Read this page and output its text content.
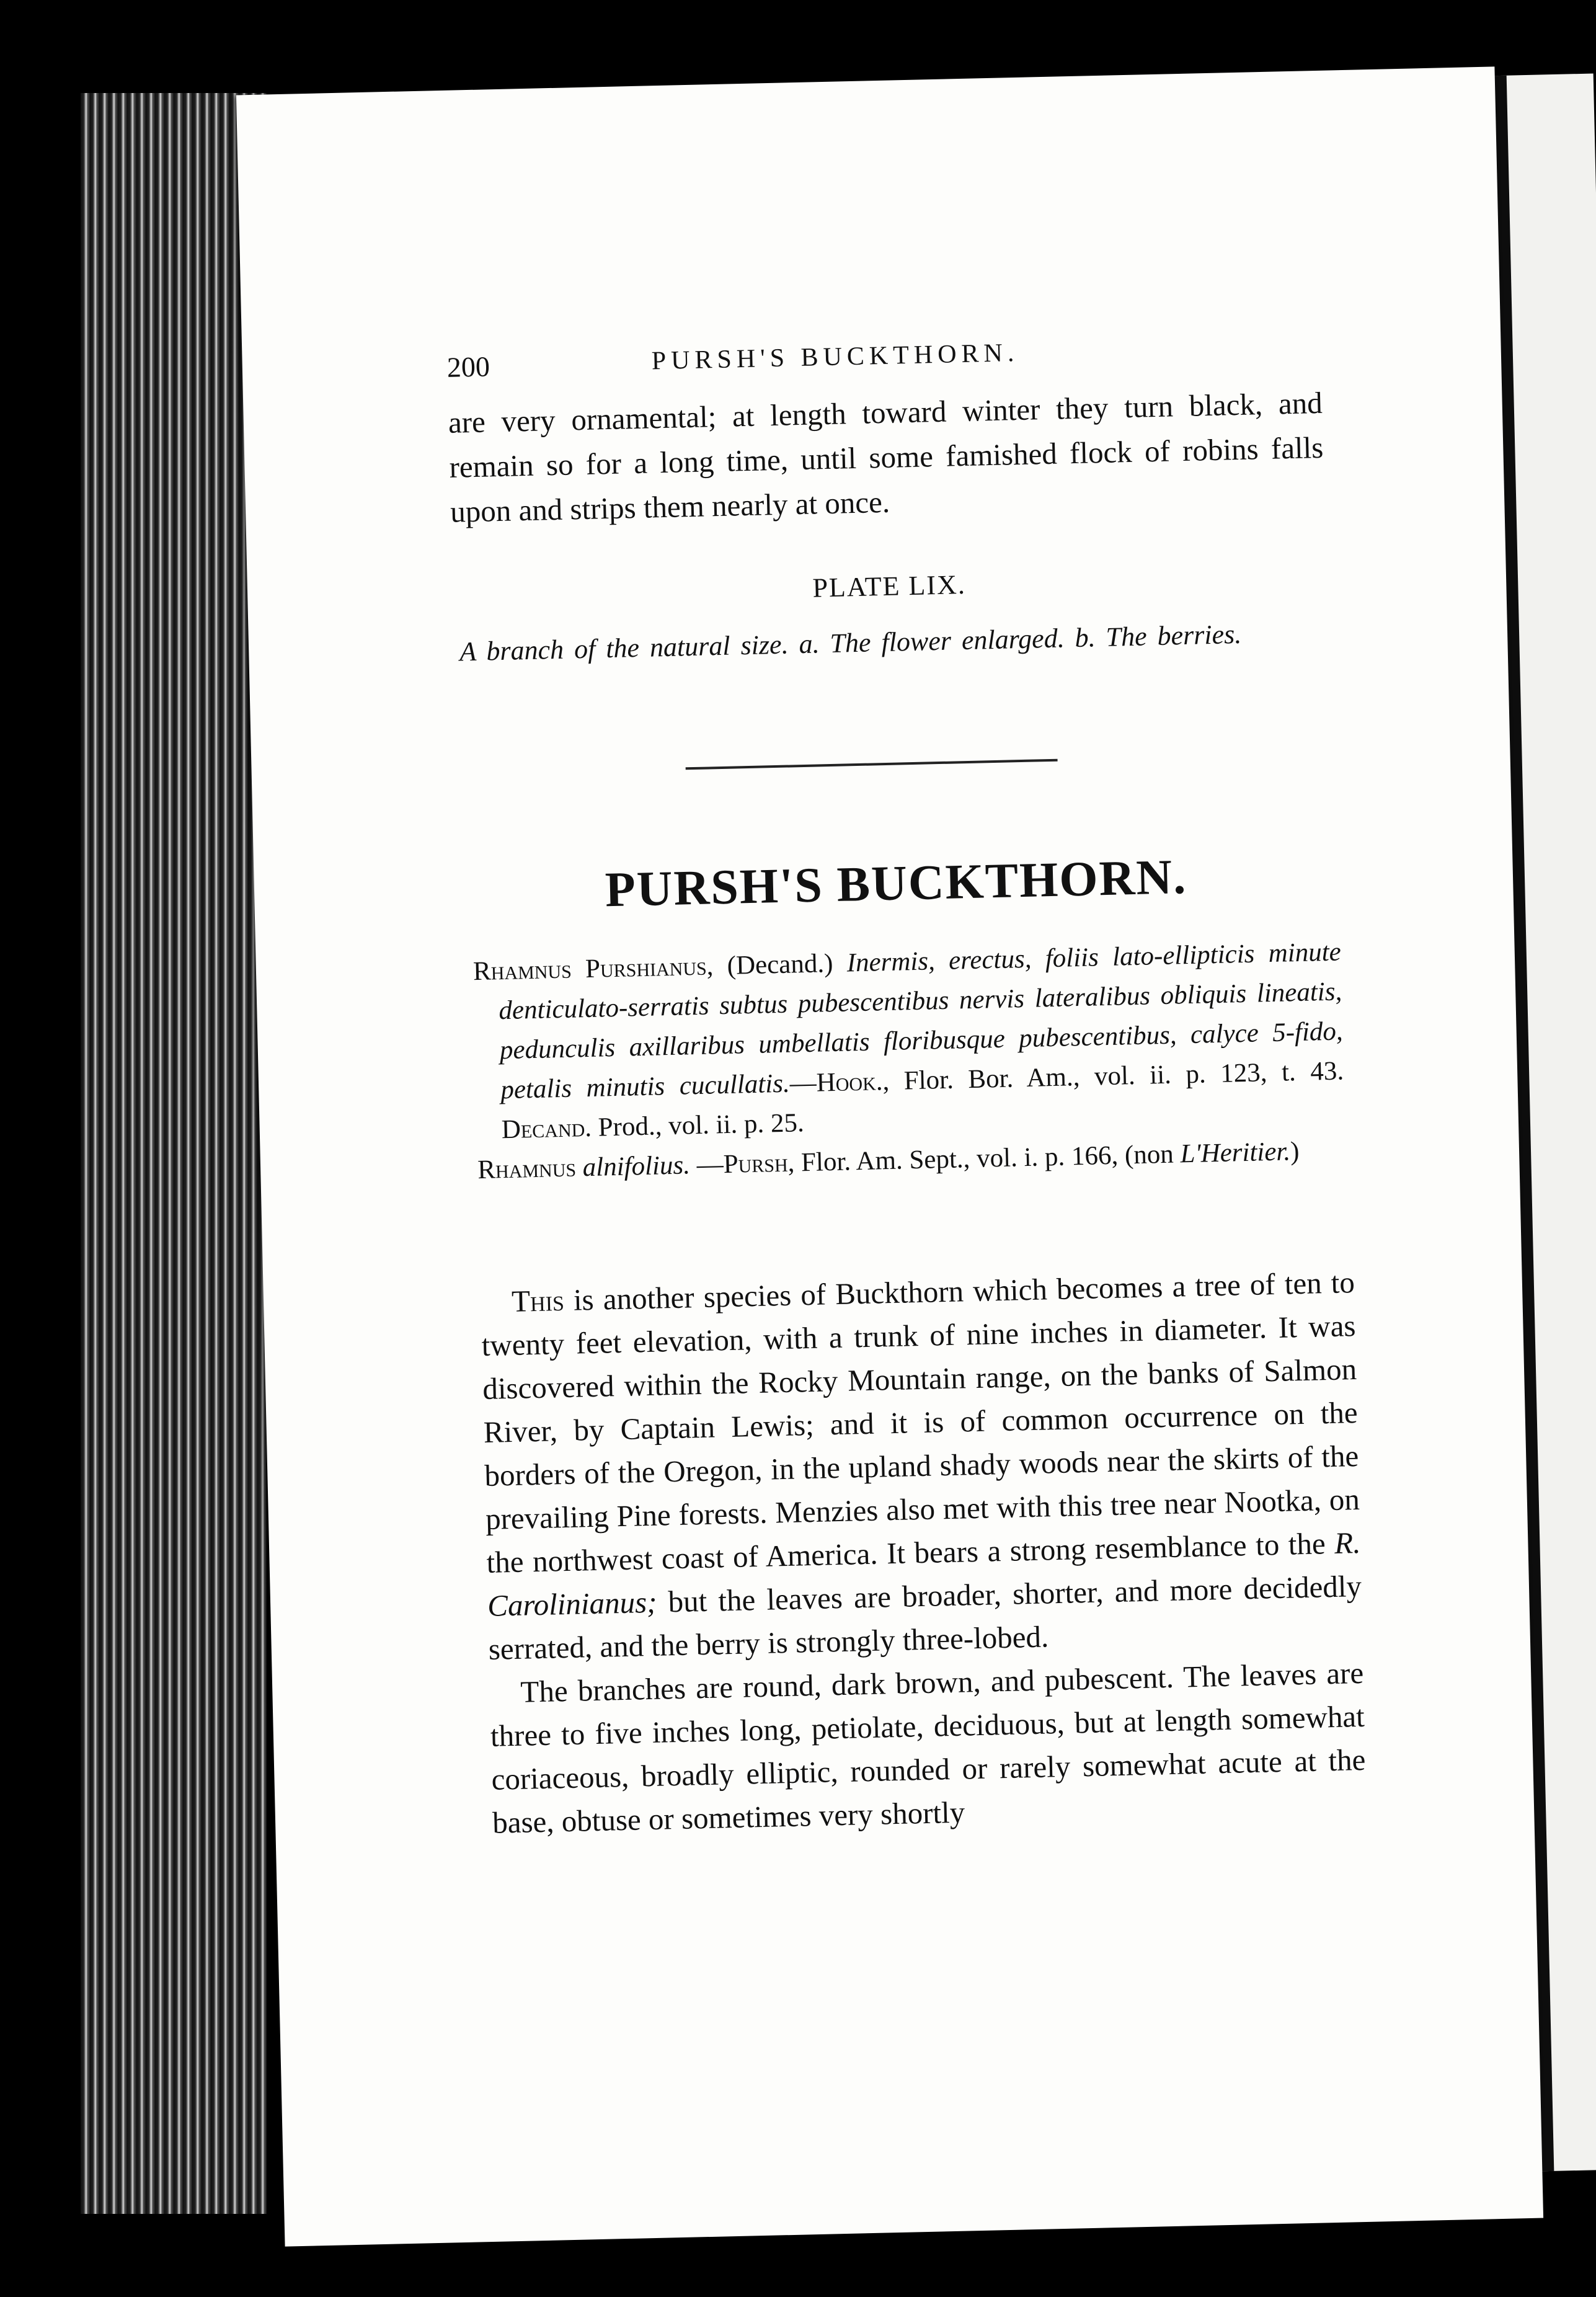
200	PURSH'S BUCKTHORN.
are very ornamental; at length toward winter they turn black, and remain so for a long time, until some famished flock of robins falls upon and strips them nearly at once.
PLATE LIX.
A branch of the natural size. a. The flower enlarged. b. The berries.
PURSH'S BUCKTHORN.

Rhamnus Purshianus, (Decand.) Inermis, erectus, foliis lato-ellipticis minute denticulato-serratis subtus pubescentibus nervis lateralibus obliquis lineatis, pedunculis axillaribus umbellatis floribusque pubescentibus, calyce 5-fido, petalis minutis cucullatis.—Hook., Flor. Bor. Am., vol. ii. p. 123, t. 43. Decand. Prod., vol. ii. p. 25.

Rhamnus alnifolius. —Pursh, Flor. Am. Sept., vol. i. p. 166, (non L'Heritier.)

This is another species of Buckthorn which becomes a tree of ten to twenty feet elevation, with a trunk of nine inches in diameter. It was discovered within the Rocky Mountain range, on the banks of Salmon River, by Captain Lewis; and it is of common occurrence on the borders of the Oregon, in the upland shady woods near the skirts of the prevailing Pine forests. Menzies also met with this tree near Nootka, on the northwest coast of America. It bears a strong resemblance to the R. Carolinianus; but the leaves are broader, shorter, and more decidedly serrated, and the berry is strongly three-lobed.

The branches are round, dark brown, and pubescent. The leaves are three to five inches long, petiolate, deciduous, but at length somewhat coriaceous, broadly elliptic, rounded or rarely somewhat acute at the base, obtuse or sometimes very shortly
